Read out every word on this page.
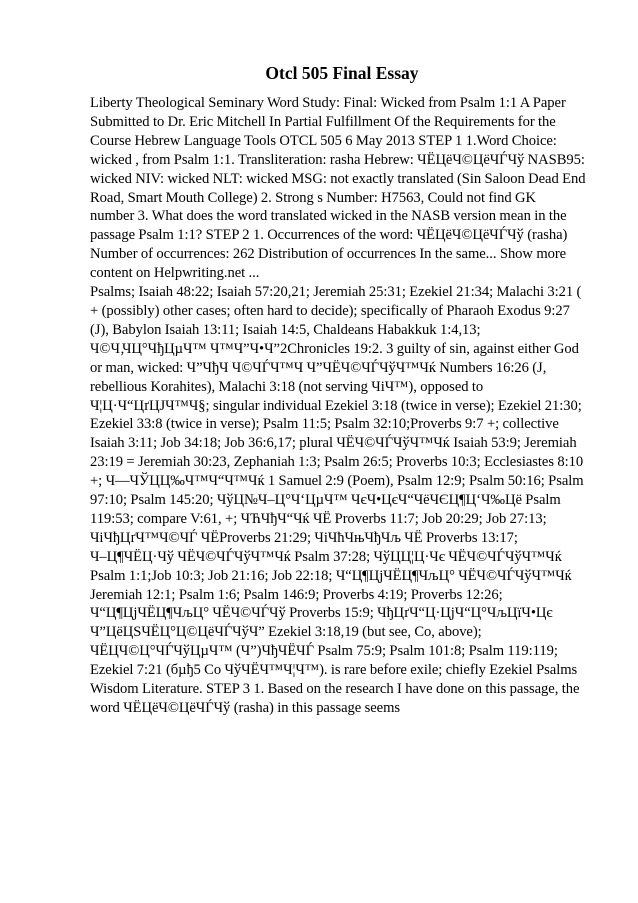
Otcl 505 Final Essay
Liberty Theological Seminary Word Study: Final: Wicked from Psalm 1:1 A Paper
Submitted to Dr. Eric Mitchell In Partial Fulfillment Of the Requirements for the
Course Hebrew Language Tools OTCL 505 6 May 2013 STEP 1 1.Word Choice:
wicked , from Psalm 1:1. Transliteration: rasha Hebrew: ЧЁЦёЧ©ЦёЧЃЧў NASB95:
wicked NIV: wicked NLT: wicked MSG: not exactly translated (Sin Saloon Dead End
Road, Smart Mouth College) 2. Strong s Number: H7563, Could not find GK
number 3. What does the word translated wicked in the NASB version mean in the
passage Psalm 1:1? STEP 2 1. Occurrences of the word: ЧЁЦёЧ©ЦёЧЃЧў (rasha)
Number of occurrences: 262 Distribution of occurrences In the same... Show more
content on Helpwriting.net ...
Psalms; Isaiah 48:22; Isaiah 57:20,21; Jeremiah 25:31; Ezekiel 21:34; Malachi 3:21 (
+ (possibly) other cases; often hard to decide); specifically of Pharaoh Exodus 9:27
(J), Babylon Isaiah 13:11; Isaiah 14:5, Chaldeans Habakkuk 1:4,13;
Ч©Ч‚ЧЦ°ЧђЦµЧ™ Ч™Ч”Ч•Ч”2Chronicles 19:2. 3 guilty of sin, against either God
or man, wicked: Ч”ЧђЧ Ч©ЧЃЧ™Ч Ч”ЧЁЧ©ЧЃЧўЧ™Чќ Numbers 16:26 (J,
rebellious Korahites), Malachi 3:18 (not serving ЧiЧ™), opposed to
Ч¦Ц·Ч“ЦґЦЈЧ™Ч§; singular individual Ezekiel 3:18 (twice in verse); Ezekiel 21:30;
Ezekiel 33:8 (twice in verse); Psalm 11:5; Psalm 32:10;Proverbs 9:7 +; collective
Isaiah 3:11; Job 34:18; Job 36:6,17; plural ЧЁЧ©ЧЃЧўЧ™Чќ Isaiah 53:9; Jeremiah
23:19 = Jeremiah 30:23, Zephaniah 1:3; Psalm 26:5; Proverbs 10:3; Ecclesiastes 8:10
+; Ч—ЧЎЦЦ‰Ч™Ч“Ч™Чќ 1 Samuel 2:9 (Poem), Psalm 12:9; Psalm 50:16; Psalm
97:10; Psalm 145:20; ЧўЦ№Ч–Ц°Ч‘ЦµЧ™ ЧєЧ•ЦєЧ“ЧёЧЄЦ¶Ц‘Ч‰Цё Psalm
119:53; compare V:61, +; ЧЋЧђЧ“Чќ ЧЁ Proverbs 11:7; Job 20:29; Job 27:13;
ЧiЧђЦґЧ™Ч©ЧЃ ЧЁProverbs 21:29; ЧiЧћЧњЧђЧљ ЧЁ Proverbs 13:17;
Ч–Ц¶ЧЁЦ·Чў ЧЁЧ©ЧЃЧўЧ™Чќ Psalm 37:28; ЧўЦЦ¦Ц·Чє ЧЁЧ©ЧЃЧўЧ™Чќ
Psalm 1:1;Job 10:3; Job 21:16; Job 22:18; Ч“Ц¶ЦјЧЁЦ¶ЧљЦ° ЧЁЧ©ЧЃЧўЧ™Чќ
Jeremiah 12:1; Psalm 1:6; Psalm 146:9; Proverbs 4:19; Proverbs 12:26;
Ч“Ц¶ЦјЧЁЦ¶ЧљЦ° ЧЁЧ©ЧЃЧў Proverbs 15:9; ЧђЦґЧ“Ц·ЦјЧ“Ц°ЧљЦїЧ•Цє
Ч”ЦёЦSЧЁЦ°Ц©ЦёЧЃЧўЧ” Ezekiel 3:18,19 (but see, Co, above);
ЧЁЦЧ©Ц°ЧЃЧўЦµЧ™ (Ч”)ЧђЧЁЧЃ Psalm 75:9; Psalm 101:8; Psalm 119:119;
Ezekiel 7:21 (бµђ5 Co ЧўЧЁЧ™Ч¦Ч™). is rare before exile; chiefly Ezekiel Psalms
Wisdom Literature. STEP 3 1. Based on the research I have done on this passage, the
word ЧЁЦёЧ©ЦёЧЃЧў (rasha) in this passage seems
